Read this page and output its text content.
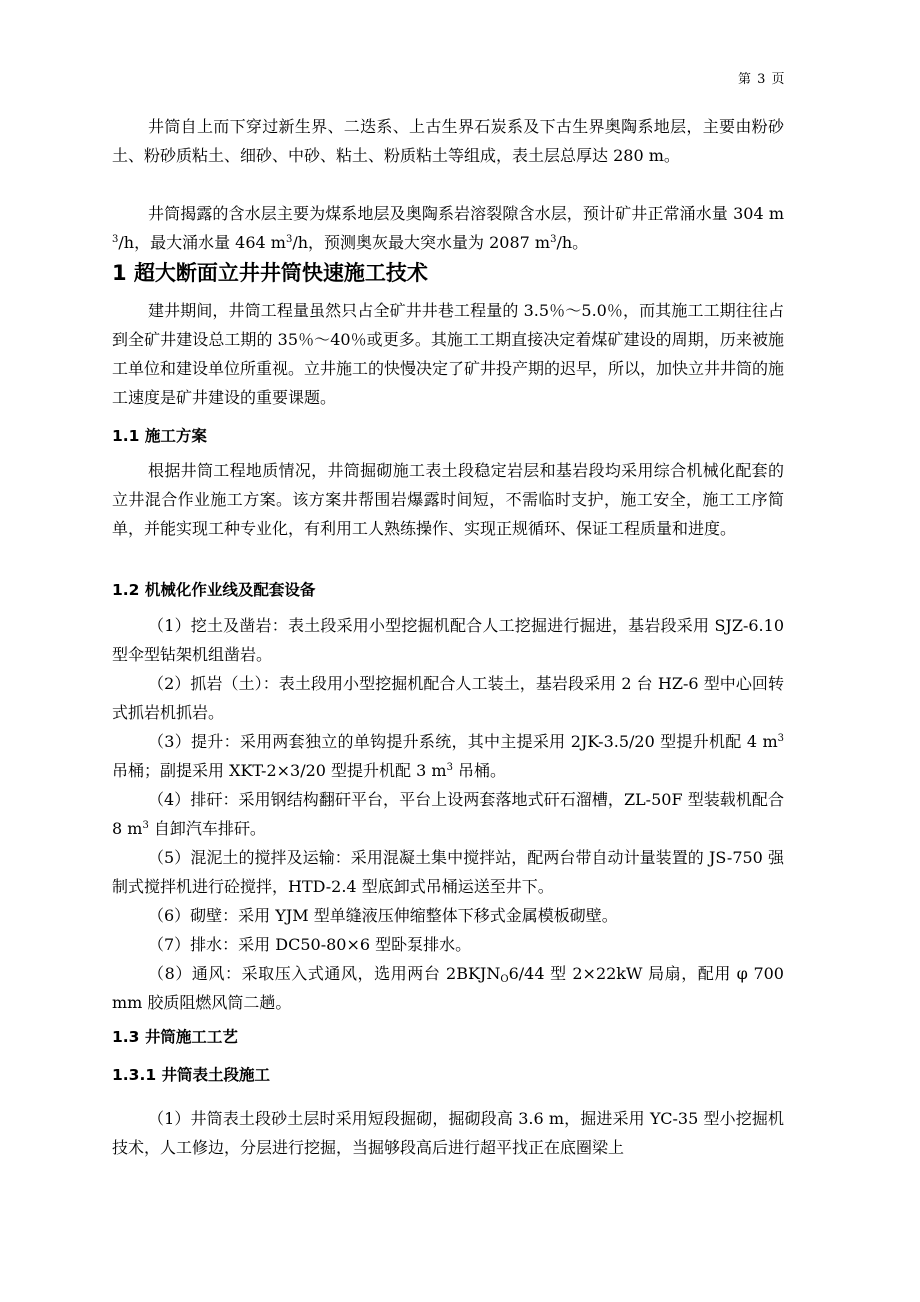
第 3 页

井筒自上而下穿过新生界、二迭系、上古生界石炭系及下古生界奥陶系地层，主要由粉砂土、粉砂质粘土、细砂、中砂、粘土、粉质粘土等组成，表土层总厚达 280 m。

井筒揭露的含水层主要为煤系地层及奥陶系岩溶裂隙含水层，预计矿井正常涌水量 304 $m^3/h$，最大涌水量 464 $m^3/h$，预测奥灰最大突水量为 2087 $m^3/h$。

1 超大断面立井井筒快速施工技术

建井期间，井筒工程量虽然只占全矿井井巷工程量的 3.5％～5.0％，而其施工工期往往占到全矿井建设总工期的 35％～40％或更多。其施工工期直接决定着煤矿建设的周期，历来被施工单位和建设单位所重视。立井施工的快慢决定了矿井投产期的迟早，所以，加快立井井筒的施工速度是矿井建设的重要课题。

1.1 施工方案

根据井筒工程地质情况，井筒掘砌施工表土段稳定岩层和基岩段均采用综合机械化配套的立井混合作业施工方案。该方案井帮围岩爆露时间短，不需临时支护，施工安全，施工工序简单，并能实现工种专业化，有利用工人熟练操作、实现正规循环、保证工程质量和进度。

1.2 机械化作业线及配套设备

（1）挖土及凿岩：表土段采用小型挖掘机配合人工挖掘进行掘进，基岩段采用 SJZ-6.10 型伞型钻架机组凿岩。

（2）抓岩（土）：表土段用小型挖掘机配合人工装土，基岩段采用 2 台 HZ-6 型中心回转式抓岩机抓岩。

（3）提升：采用两套独立的单钩提升系统，其中主提采用 2JK-3.5/20 型提升机配 4 $m^3$ 吊桶；副提采用 XKT-2×3/20 型提升机配 3 $m^3$ 吊桶。

（4）排矸：采用钢结构翻矸平台，平台上设两套落地式矸石溜槽，ZL-50F 型装载机配合 8 $m^3$ 自卸汽车排矸。

（5）混泥土的搅拌及运输：采用混凝土集中搅拌站，配两台带自动计量装置的 JS-750 强制式搅拌机进行砼搅拌，HTD-2.4 型底卸式吊桶运送至井下。

（6）砌壁：采用 YJM 型单缝液压伸缩整体下移式金属模板砌壁。

（7）排水：采用 DC50-80×6 型卧泵排水。

（8）通风：采取压入式通风，选用两台 $2BKJN_O6/44$ 型 2×22kW 局扇，配用 φ 700 mm 胶质阻燃风筒二趟。

1.3 井筒施工工艺
1.3.1 井筒表土段施工

（1）井筒表土段砂土层时采用短段掘砌，掘砌段高 3.6 m，掘进采用 YC-35 型小挖掘机技术，人工修边，分层进行挖掘，当掘够段高后进行超平找正在底圈梁上
